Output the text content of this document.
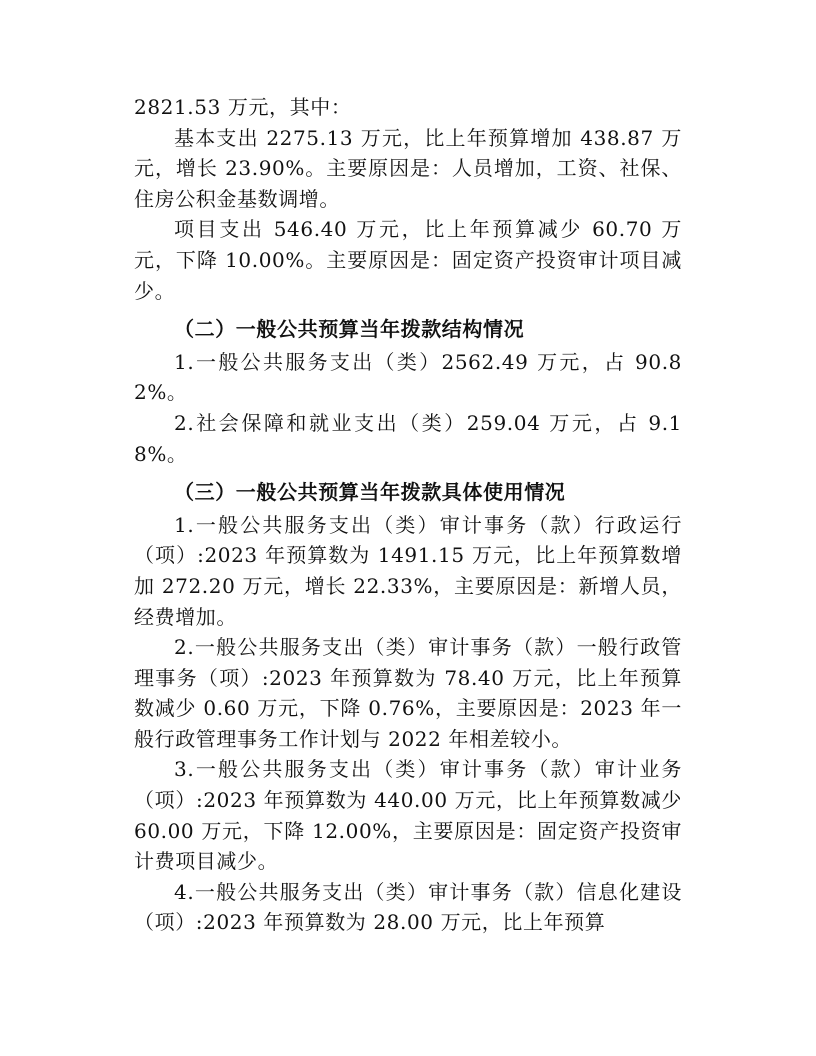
2821.53 万元，其中：

基本支出 2275.13 万元，比上年预算增加 438.87 万元，增长 23.90%。主要原因是：人员增加，工资、社保、住房公积金基数调增。

项目支出 546.40 万元，比上年预算减少 60.70 万元，下降 10.00%。主要原因是：固定资产投资审计项目减少。

（二）一般公共预算当年拨款结构情况

1.一般公共服务支出（类）2562.49 万元，占 90.82%。

2.社会保障和就业支出（类）259.04 万元，占 9.18%。

（三）一般公共预算当年拨款具体使用情况

1.一般公共服务支出（类）审计事务（款）行政运行（项）:2023 年预算数为 1491.15 万元，比上年预算数增加 272.20 万元，增长 22.33%，主要原因是：新增人员，经费增加。

2.一般公共服务支出（类）审计事务（款）一般行政管理事务（项）:2023 年预算数为 78.40 万元，比上年预算数减少 0.60 万元，下降 0.76%，主要原因是：2023 年一般行政管理事务工作计划与 2022 年相差较小。

3.一般公共服务支出（类）审计事务（款）审计业务（项）:2023 年预算数为 440.00 万元，比上年预算数减少 60.00 万元，下降 12.00%，主要原因是：固定资产投资审计费项目减少。

4.一般公共服务支出（类）审计事务（款）信息化建设（项）:2023 年预算数为 28.00 万元，比上年预算
